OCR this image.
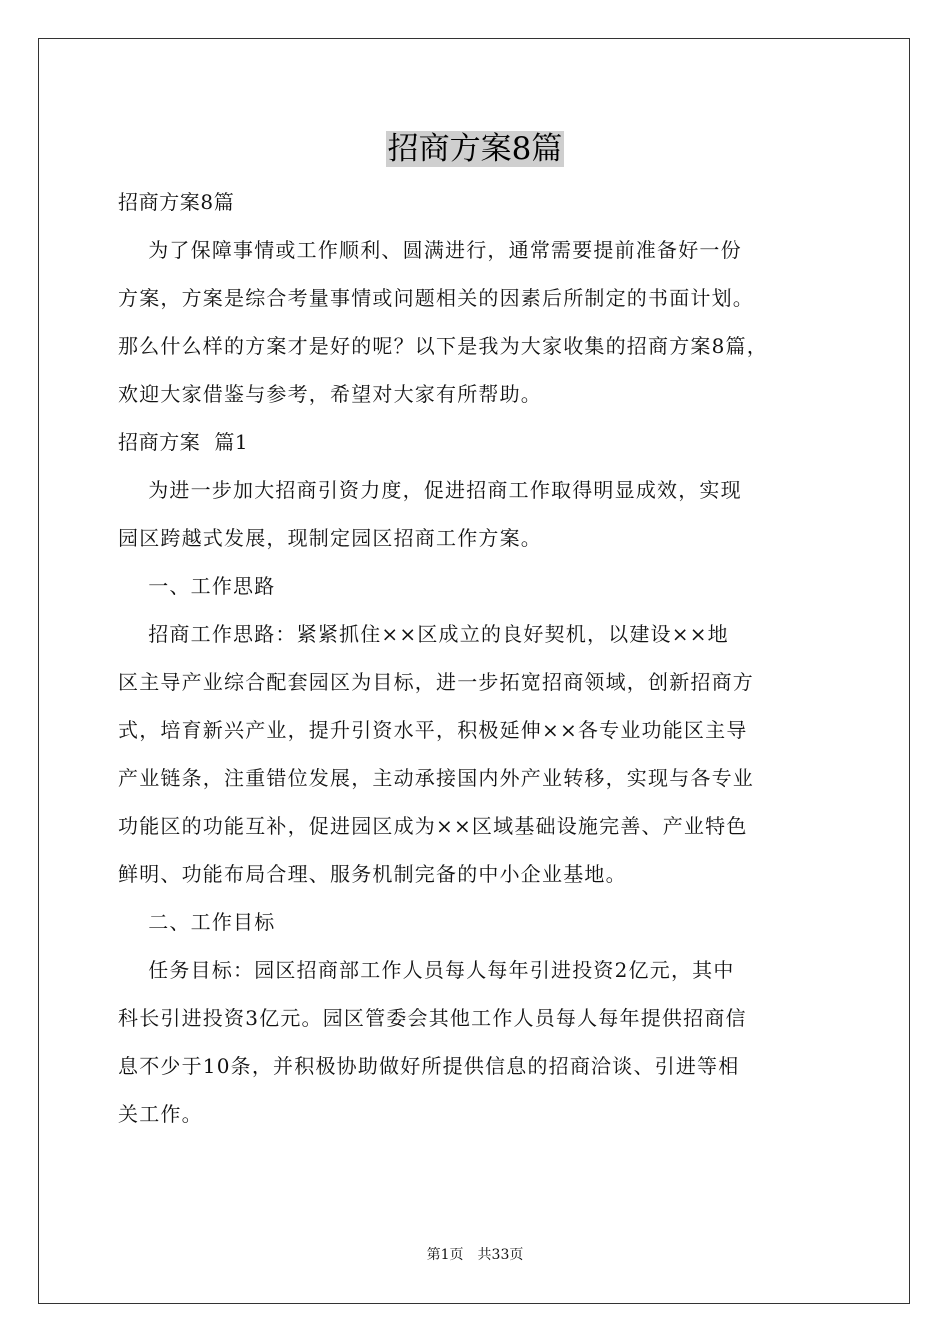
招商方案8篇
招商方案8篇
为了保障事情或工作顺利、圆满进行，通常需要提前准备好一份
方案，方案是综合考量事情或问题相关的因素后所制定的书面计划。
那么什么样的方案才是好的呢？以下是我为大家收集的招商方案8篇，
欢迎大家借鉴与参考，希望对大家有所帮助。
招商方案  篇1
为进一步加大招商引资力度，促进招商工作取得明显成效，实现
园区跨越式发展，现制定园区招商工作方案。
一、工作思路
招商工作思路：紧紧抓住××区成立的良好契机，以建设××地
区主导产业综合配套园区为目标，进一步拓宽招商领域，创新招商方
式，培育新兴产业，提升引资水平，积极延伸××各专业功能区主导
产业链条，注重错位发展，主动承接国内外产业转移，实现与各专业
功能区的功能互补，促进园区成为××区域基础设施完善、产业特色
鲜明、功能布局合理、服务机制完备的中小企业基地。
二、工作目标
任务目标：园区招商部工作人员每人每年引进投资2亿元，其中
科长引进投资3亿元。园区管委会其他工作人员每人每年提供招商信
息不少于10条，并积极协助做好所提供信息的招商洽谈、引进等相
关工作。
第1页 共33页
